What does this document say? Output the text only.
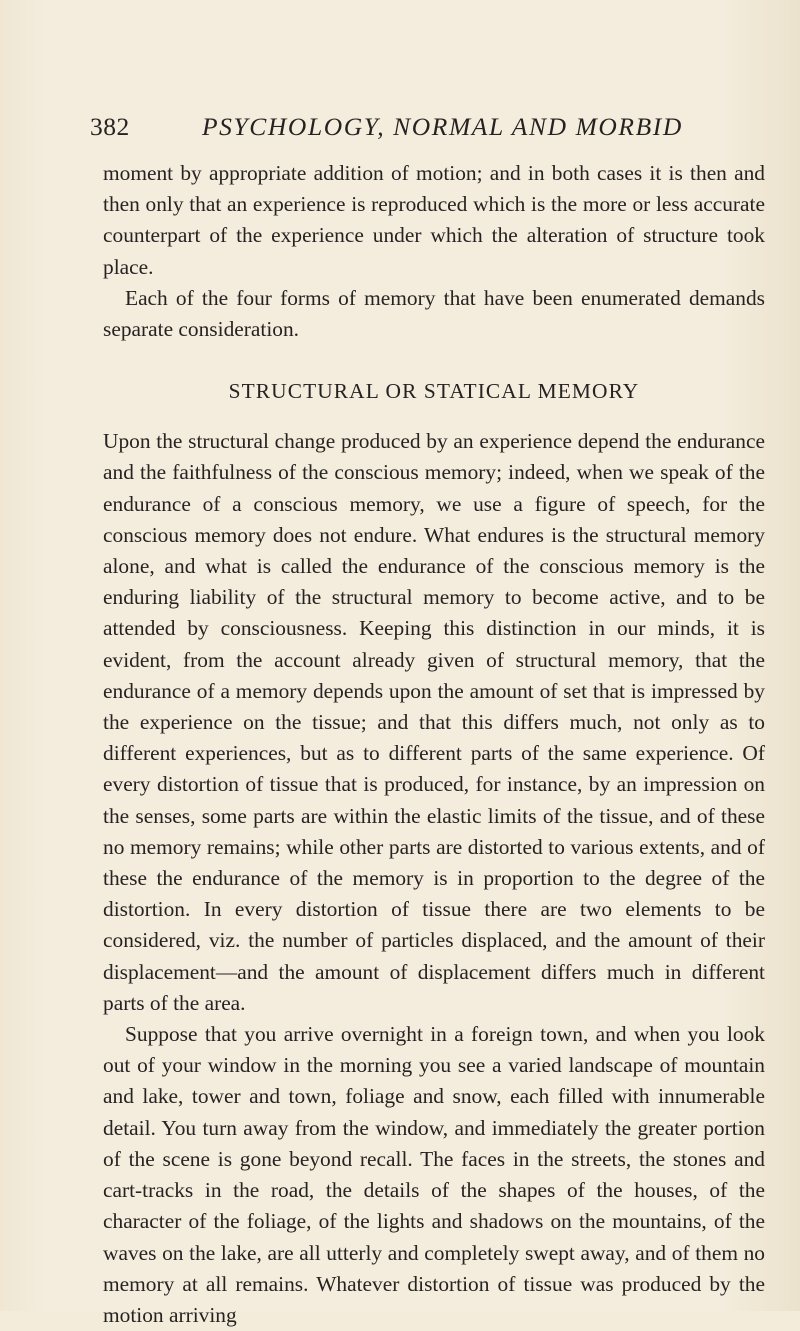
382	PSYCHOLOGY, NORMAL AND MORBID

moment by appropriate addition of motion; and in both cases it is then and then only that an experience is reproduced which is the more or less accurate counterpart of the experience under which the alteration of structure took place.

Each of the four forms of memory that have been enumerated demands separate consideration.

STRUCTURAL OR STATICAL MEMORY

Upon the structural change produced by an experience depend the endurance and the faithfulness of the conscious memory; indeed, when we speak of the endurance of a conscious memory, we use a figure of speech, for the conscious memory does not endure. What endures is the structural memory alone, and what is called the endurance of the conscious memory is the enduring liability of the structural memory to become active, and to be attended by consciousness. Keeping this distinction in our minds, it is evident, from the account already given of structural memory, that the endurance of a memory depends upon the amount of set that is impressed by the experience on the tissue; and that this differs much, not only as to different experiences, but as to different parts of the same experience. Of every distortion of tissue that is produced, for instance, by an impression on the senses, some parts are within the elastic limits of the tissue, and of these no memory remains; while other parts are distorted to various extents, and of these the endurance of the memory is in proportion to the degree of the distortion. In every distortion of tissue there are two elements to be considered, viz. the number of particles displaced, and the amount of their displacement—and the amount of displacement differs much in different parts of the area.

Suppose that you arrive overnight in a foreign town, and when you look out of your window in the morning you see a varied landscape of mountain and lake, tower and town, foliage and snow, each filled with innumerable detail. You turn away from the window, and immediately the greater portion of the scene is gone beyond recall. The faces in the streets, the stones and cart-tracks in the road, the details of the shapes of the houses, of the character of the foliage, of the lights and shadows on the mountains, of the waves on the lake, are all utterly and completely swept away, and of them no memory at all remains. Whatever distortion of tissue was produced by the motion arriving
